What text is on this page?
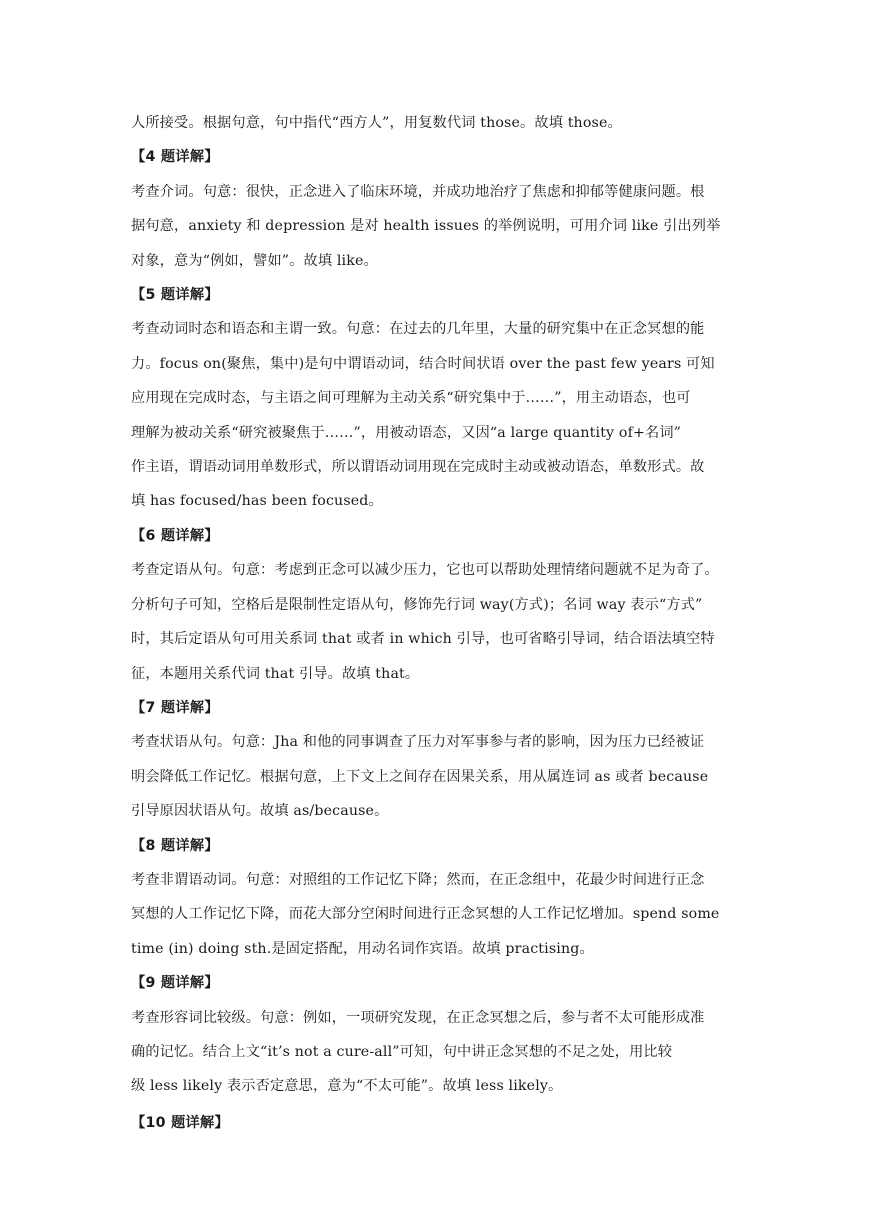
人所接受。根据句意，句中指代“西方人”，用复数代词 those。故填 those。

【4 题详解】

考查介词。句意：很快，正念进入了临床环境，并成功地治疗了焦虑和抑郁等健康问题。根

据句意，anxiety 和 depression 是对 health issues 的举例说明，可用介词 like 引出列举

对象，意为“例如，譬如”。故填 like。

【5 题详解】

考查动词时态和语态和主谓一致。句意：在过去的几年里，大量的研究集中在正念冥想的能

力。focus on(聚焦，集中)是句中谓语动词，结合时间状语 over the past few years 可知

应用现在完成时态，与主语之间可理解为主动关系“研究集中于……”，用主动语态，也可

理解为被动关系“研究被聚焦于……”，用被动语态，又因“a large quantity of+名词”

作主语，谓语动词用单数形式，所以谓语动词用现在完成时主动或被动语态，单数形式。故

填 has focused/has been focused。

【6 题详解】

考查定语从句。句意：考虑到正念可以减少压力，它也可以帮助处理情绪问题就不足为奇了。

分析句子可知，空格后是限制性定语从句，修饰先行词 way(方式)；名词 way 表示“方式”

时，其后定语从句可用关系词 that 或者 in which 引导，也可省略引导词，结合语法填空特

征，本题用关系代词 that 引导。故填 that。

【7 题详解】

考查状语从句。句意：Jha 和他的同事调查了压力对军事参与者的影响，因为压力已经被证

明会降低工作记忆。根据句意，上下文上之间存在因果关系，用从属连词 as 或者 because

引导原因状语从句。故填 as/because。

【8 题详解】

考查非谓语动词。句意：对照组的工作记忆下降；然而，在正念组中，花最少时间进行正念

冥想的人工作记忆下降，而花大部分空闲时间进行正念冥想的人工作记忆增加。spend some

time (in) doing sth.是固定搭配，用动名词作宾语。故填 practising。

【9 题详解】

考查形容词比较级。句意：例如，一项研究发现，在正念冥想之后，参与者不太可能形成准

确的记忆。结合上文“it’s not a cure-all”可知，句中讲正念冥想的不足之处，用比较

级 less likely 表示否定意思，意为“不太可能”。故填 less likely。

【10 题详解】
